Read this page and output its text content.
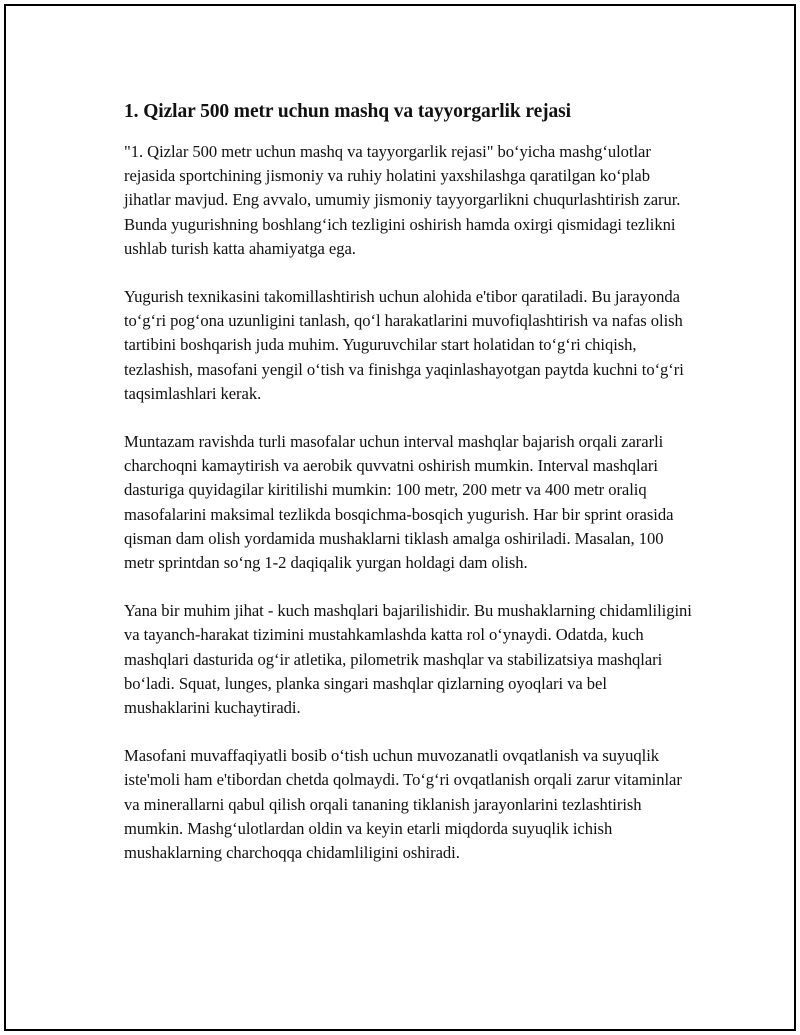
1. Qizlar 500 metr uchun mashq va tayyorgarlik rejasi

"1. Qizlar 500 metr uchun mashq va tayyorgarlik rejasi" bo‘yicha mashg‘ulotlar rejasida sportchining jismoniy va ruhiy holatini yaxshilashga qaratilgan ko‘plab jihatlar mavjud. Eng avvalo, umumiy jismoniy tayyorgarlikni chuqurlashtirish zarur. Bunda yugurishning boshlang‘ich tezligini oshirish hamda oxirgi qismidagi tezlikni ushlab turish katta ahamiyatga ega.

Yugurish texnikasini takomillashtirish uchun alohida e'tibor qaratiladi. Bu jarayonda to‘g‘ri pog‘ona uzunligini tanlash, qo‘l harakatlarini muvofiqlashtirish va nafas olish tartibini boshqarish juda muhim. Yuguruvchilar start holatidan to‘g‘ri chiqish, tezlashish, masofani yengil o‘tish va finishga yaqinlashayotgan paytda kuchni to‘g‘ri taqsimlashlari kerak.

Muntazam ravishda turli masofalar uchun interval mashqlar bajarish orqali zararli charchoqni kamaytirish va aerobik quvvatni oshirish mumkin. Interval mashqlari dasturiga quyidagilar kiritilishi mumkin: 100 metr, 200 metr va 400 metr oraliq masofalarini maksimal tezlikda bosqichma-bosqich yugurish. Har bir sprint orasida qisman dam olish yordamida mushaklarni tiklash amalga oshiriladi. Masalan, 100 metr sprintdan so‘ng 1-2 daqiqalik yurgan holdagi dam olish.

Yana bir muhim jihat - kuch mashqlari bajarilishidir. Bu mushaklarning chidamliligini va tayanch-harakat tizimini mustahkamlashda katta rol o‘ynaydi. Odatda, kuch mashqlari dasturida og‘ir atletika, pilometrik mashqlar va stabilizatsiya mashqlari bo‘ladi. Squat, lunges, planka singari mashqlar qizlarning oyoqlari va bel mushaklarini kuchaytiradi.

Masofani muvaffaqiyatli bosib o‘tish uchun muvozanatli ovqatlanish va suyuqlik iste'moli ham e'tibordan chetda qolmaydi. To‘g‘ri ovqatlanish orqali zarur vitaminlar va minerallarni qabul qilish orqali tananing tiklanish jarayonlarini tezlashtirish mumkin. Mashg‘ulotlardan oldin va keyin etarli miqdorda suyuqlik ichish mushaklarning charchoqqa chidamliligini oshiradi.
